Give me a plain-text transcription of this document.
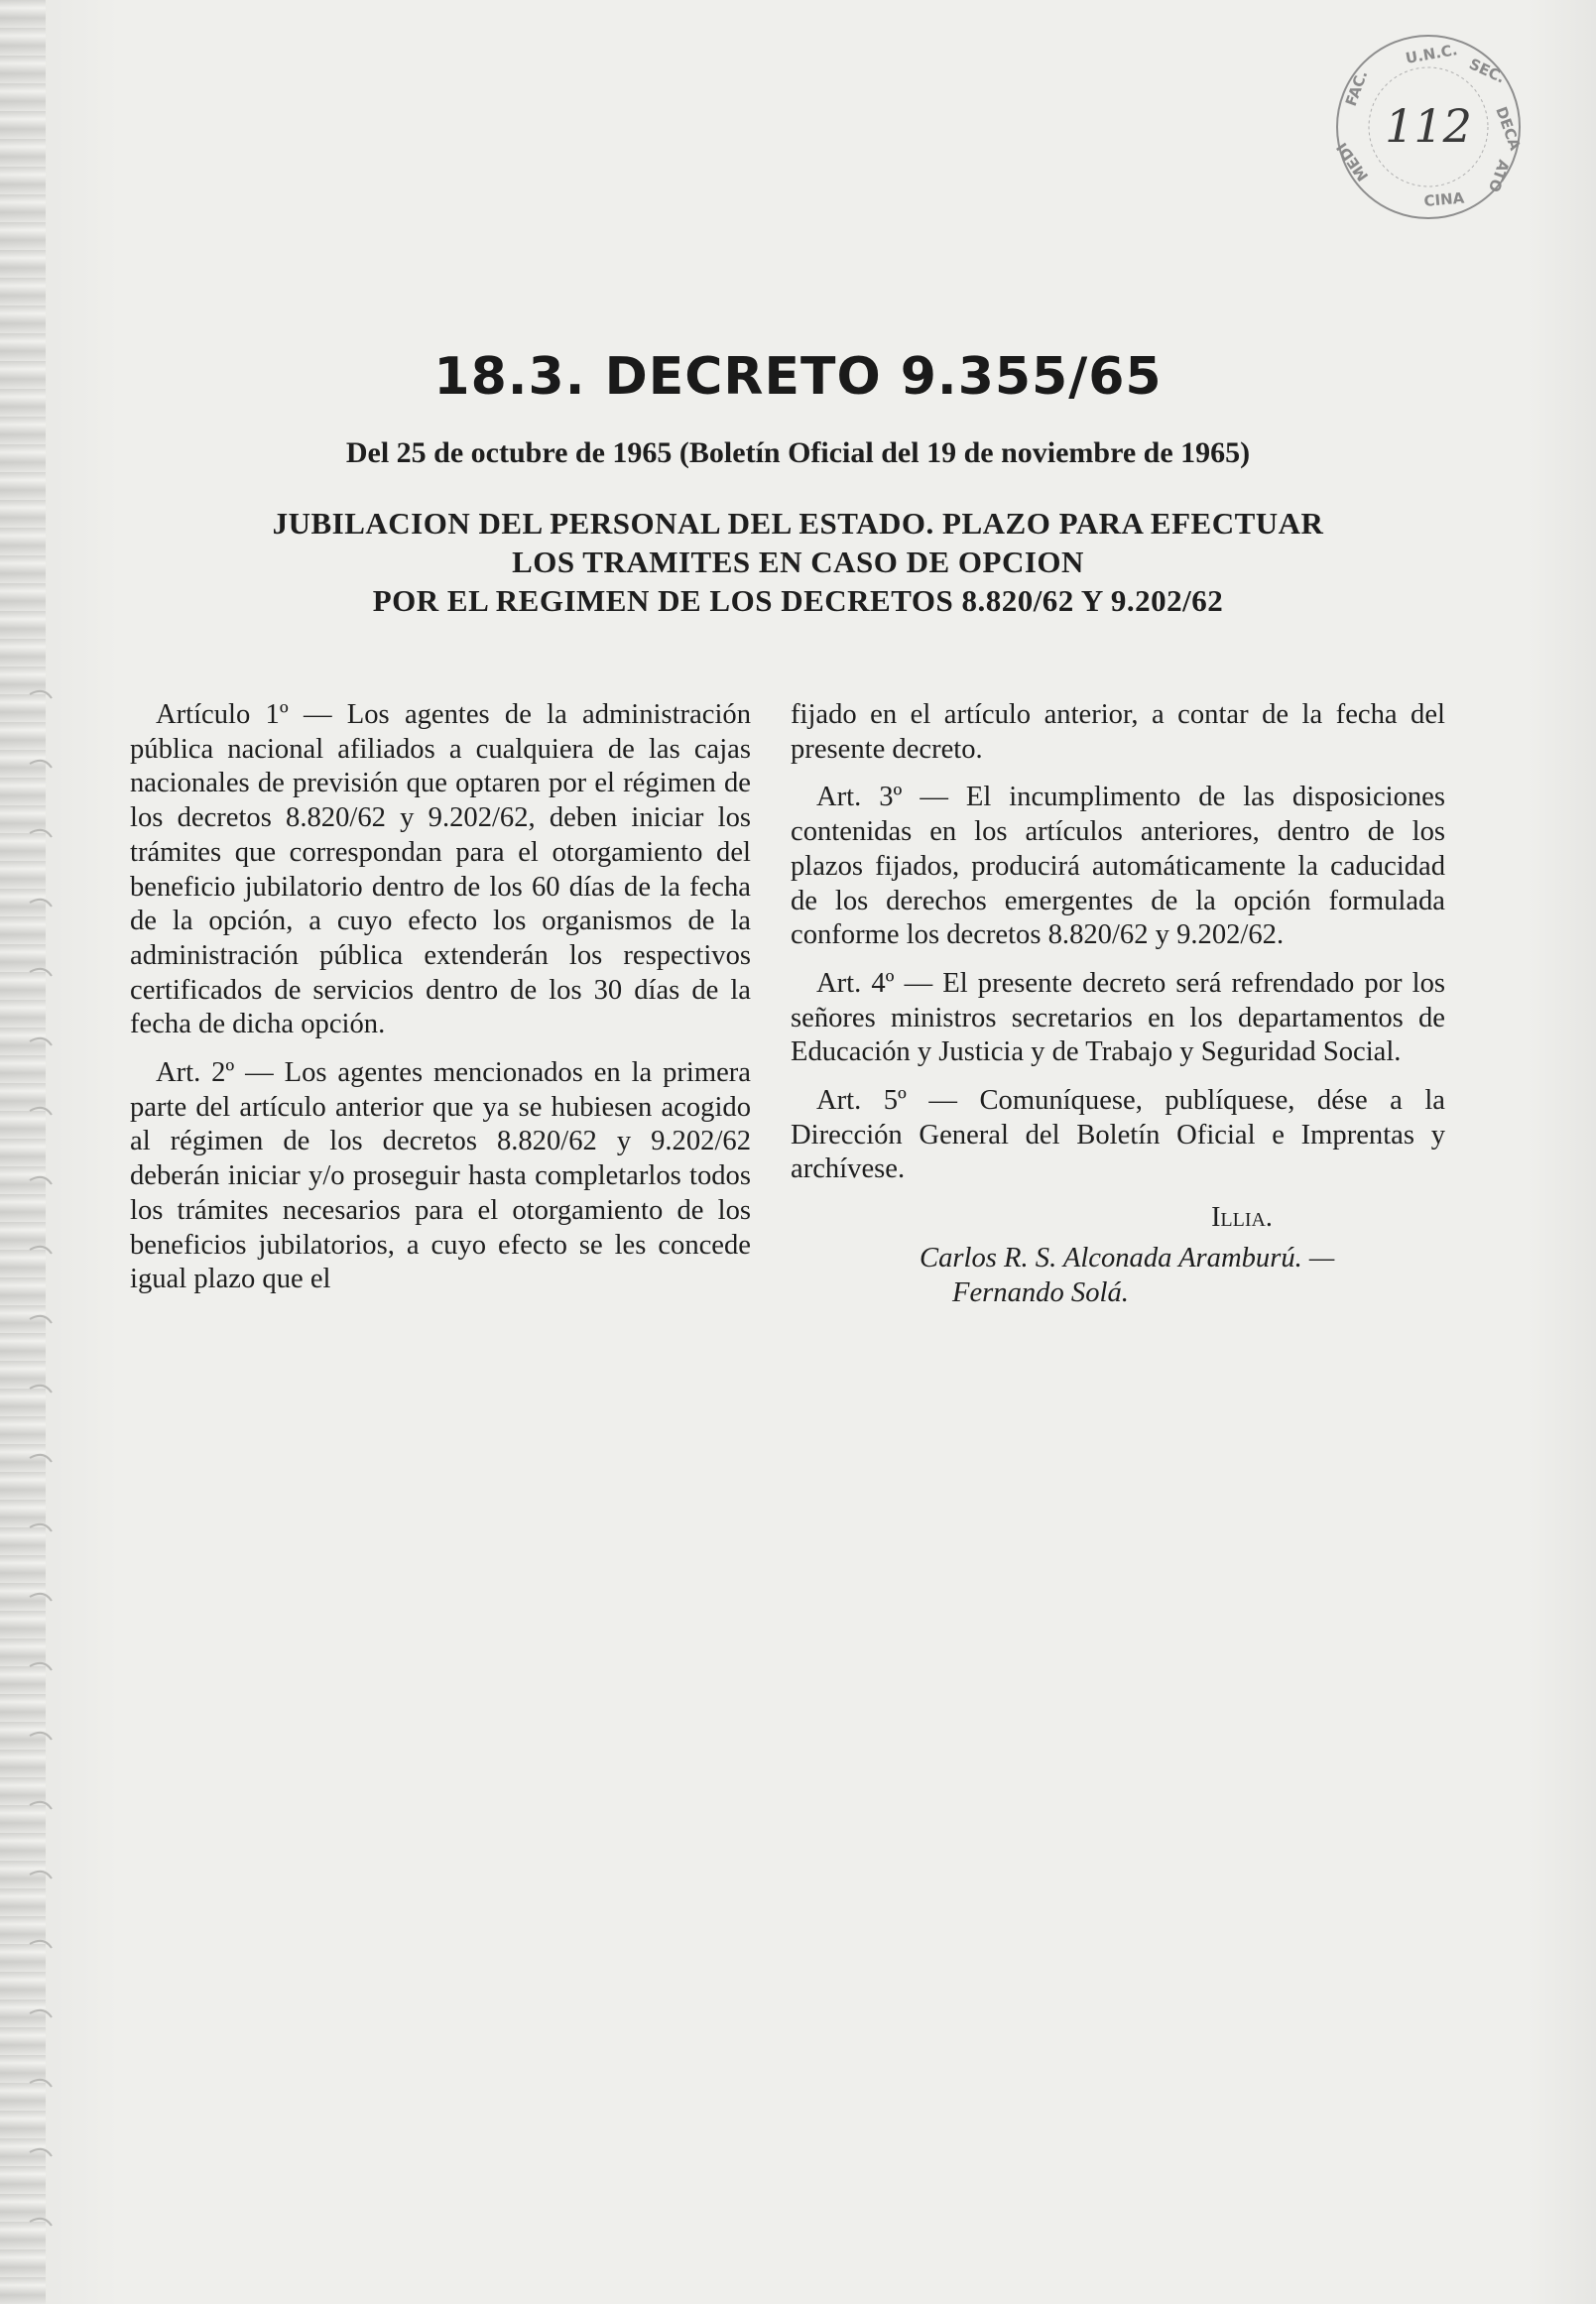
U.N.C.
SEC.
DECA
ATO
CINA
MEDI
FAC.
112
18.3. DECRETO 9.355/65
Del 25 de octubre de 1965 (Boletín Oficial del 19 de noviembre de 1965)
JUBILACION DEL PERSONAL DEL ESTADO. PLAZO PARA EFECTUAR
LOS TRAMITES EN CASO DE OPCION
POR EL REGIMEN DE LOS DECRETOS 8.820/62 Y 9.202/62

Artículo 1º — Los agentes de la administración pública nacional afiliados a cualquiera de las cajas nacionales de previsión que optaren por el régimen de los decretos 8.820/62 y 9.202/62, deben iniciar los trámites que correspondan para el otorgamiento del beneficio jubilatorio dentro de los 60 días de la fecha de la opción, a cuyo efecto los organismos de la administración pública extenderán los respectivos certificados de servicios dentro de los 30 días de la fecha de dicha opción.

Art. 2º — Los agentes mencionados en la primera parte del artículo anterior que ya se hubiesen acogido al régimen de los decretos 8.820/62 y 9.202/62 deberán iniciar y/o proseguir hasta completarlos todos los trámites necesarios para el otorgamiento de los beneficios jubilatorios, a cuyo efecto se les concede igual plazo que el

fijado en el artículo anterior, a contar de la fecha del presente decreto.

Art. 3º — El incumplimento de las disposiciones contenidas en los artículos anteriores, dentro de los plazos fijados, producirá automáticamente la caducidad de los derechos emergentes de la opción formulada conforme los decretos 8.820/62 y 9.202/62.

Art. 4º — El presente decreto será refrendado por los señores ministros secretarios en los departamentos de Educación y Justicia y de Trabajo y Seguridad Social.

Art. 5º — Comuníquese, publíquese, dése a la Dirección General del Boletín Oficial e Imprentas y archívese.

Illia.
Carlos R. S. Alconada Aramburú. —
Fernando Solá.
